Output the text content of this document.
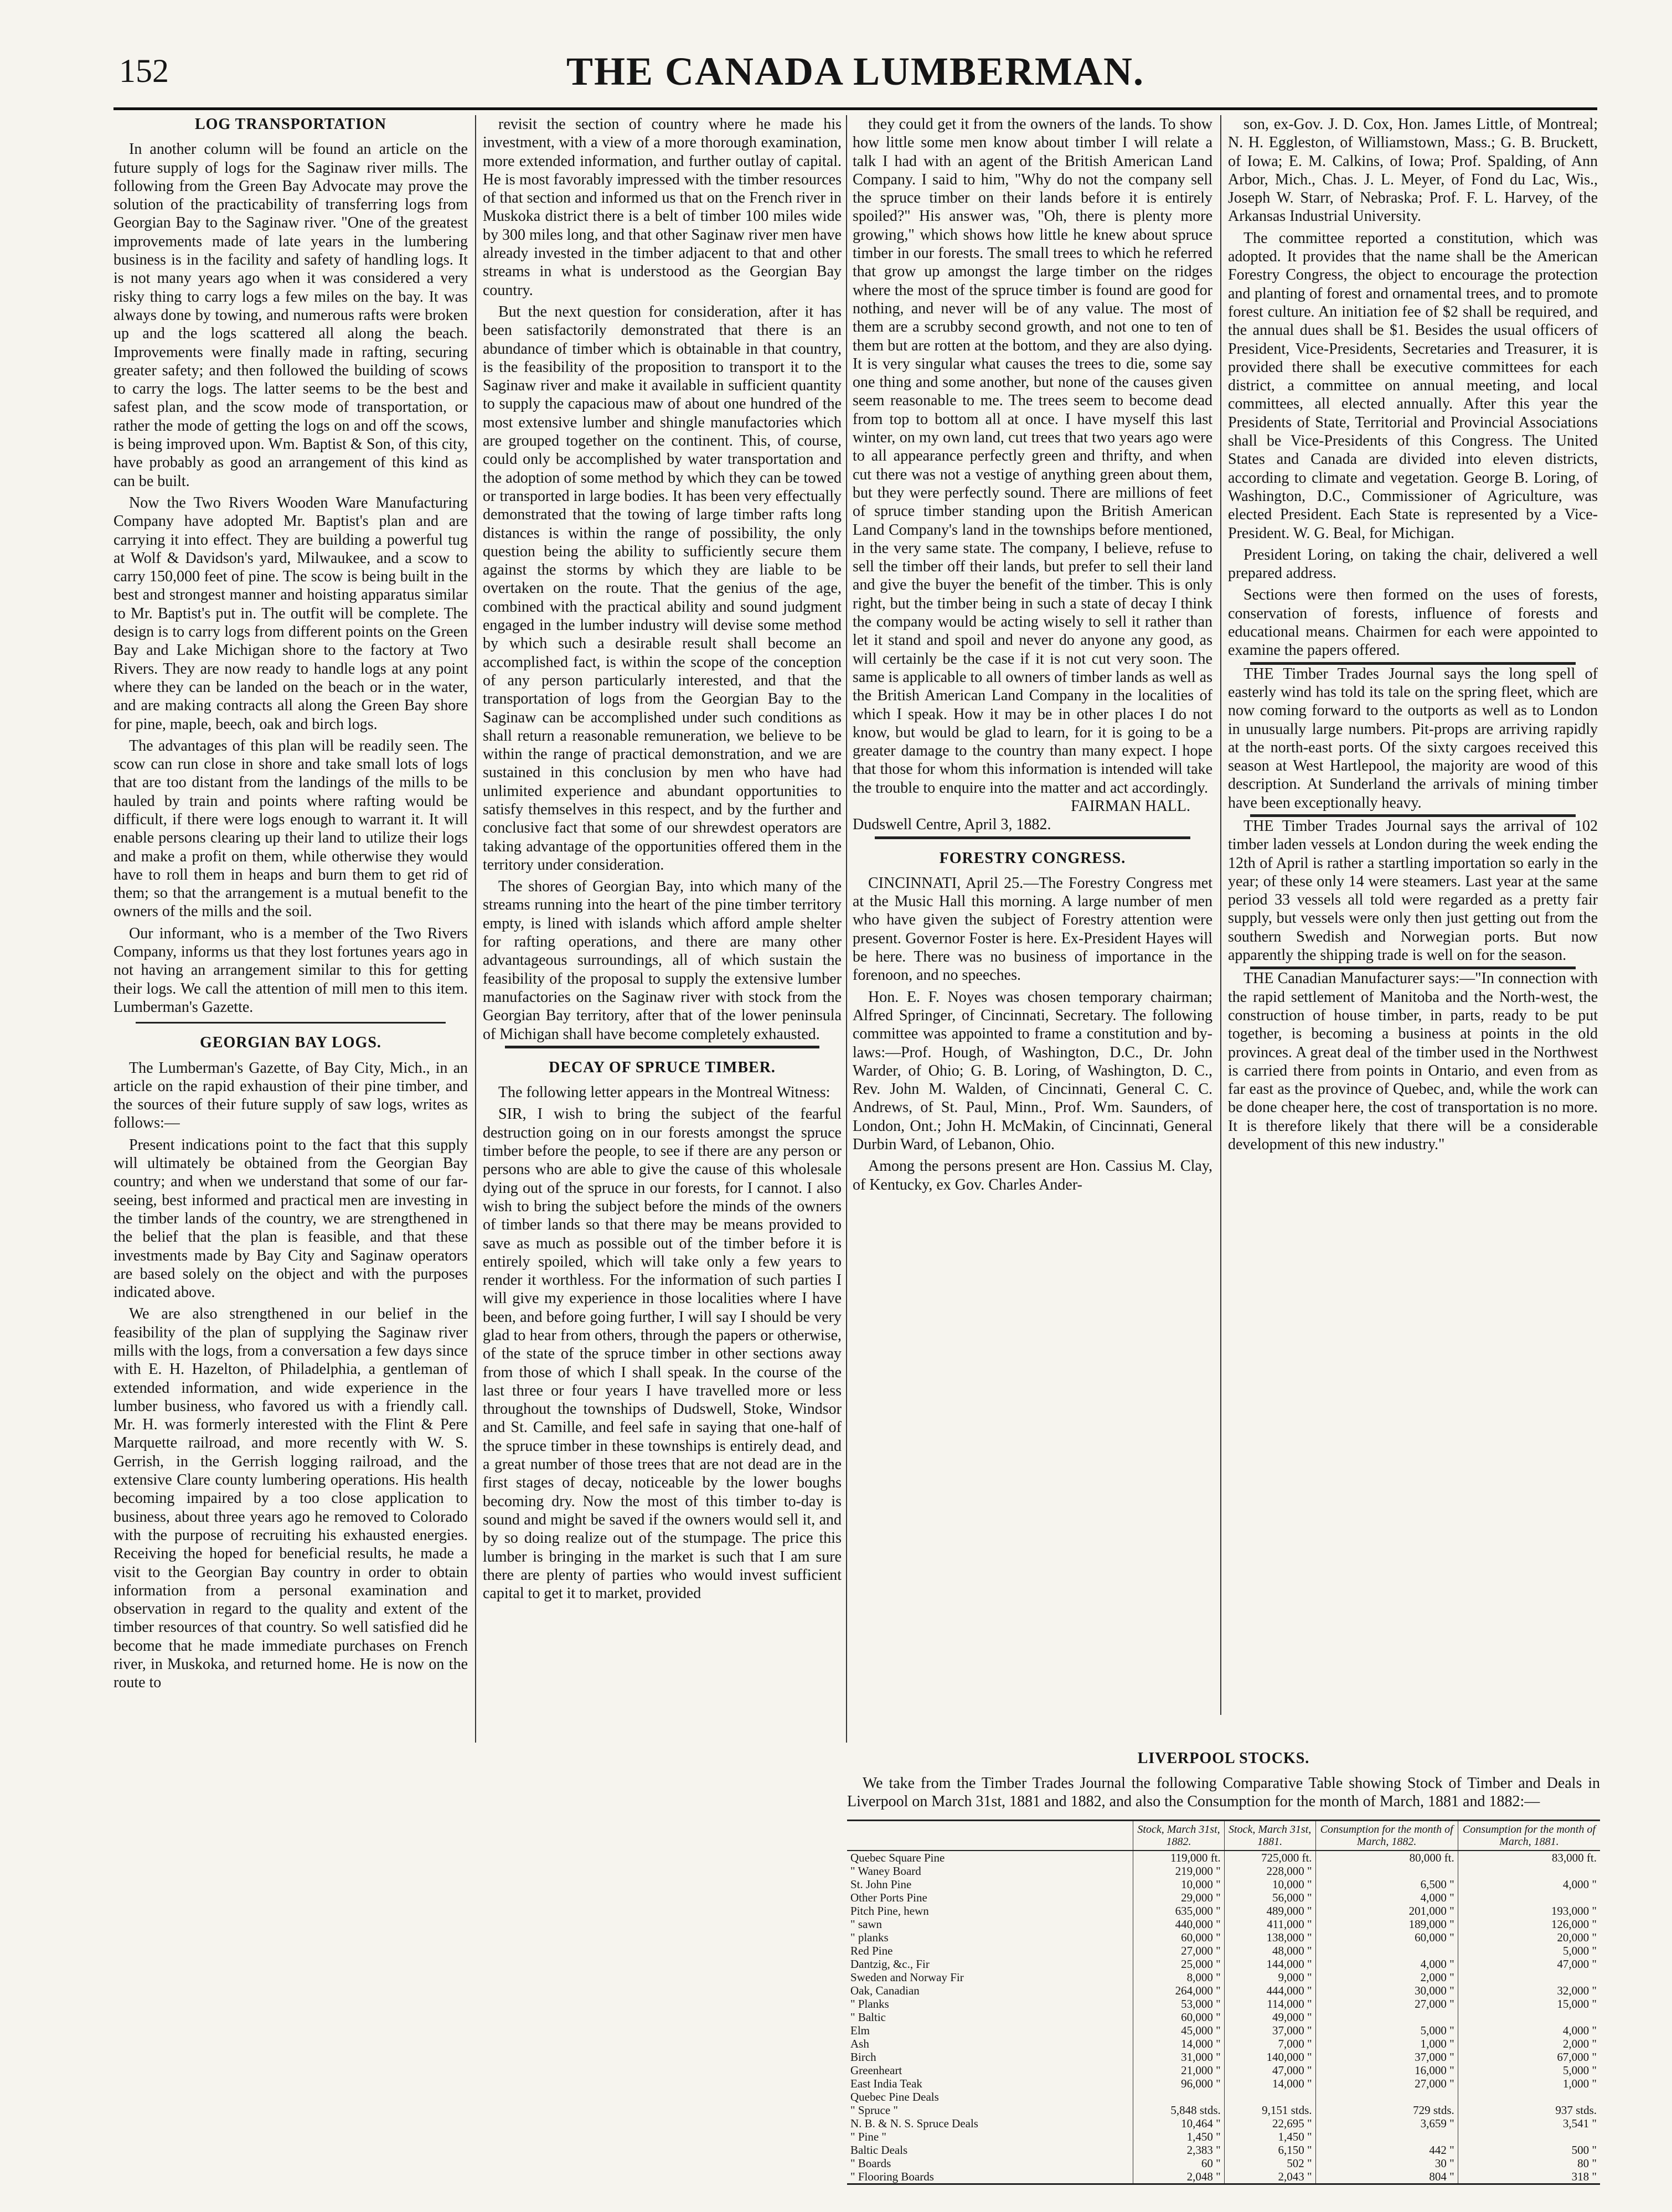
152	THE CANADA LUMBERMAN.
LOG TRANSPORTATION

In another column will be found an article on the future supply of logs for the Saginaw river mills. The following from the Green Bay Advocate may prove the solution of the practicability of transferring logs from Georgian Bay to the Saginaw river. "One of the greatest improvements made of late years in the lumbering business is in the facility and safety of handling logs. It is not many years ago when it was considered a very risky thing to carry logs a few miles on the bay. It was always done by towing, and numerous rafts were broken up and the logs scattered all along the beach. Improvements were finally made in rafting, securing greater safety; and then followed the building of scows to carry the logs. The latter seems to be the best and safest plan, and the scow mode of transportation, or rather the mode of getting the logs on and off the scows, is being improved upon. Wm. Baptist & Son, of this city, have probably as good an arrangement of this kind as can be built.

Now the Two Rivers Wooden Ware Manufacturing Company have adopted Mr. Baptist's plan and are carrying it into effect. They are building a powerful tug at Wolf & Davidson's yard, Milwaukee, and a scow to carry 150,000 feet of pine. The scow is being built in the best and strongest manner and hoisting apparatus similar to Mr. Baptist's put in. The outfit will be complete. The design is to carry logs from different points on the Green Bay and Lake Michigan shore to the factory at Two Rivers. They are now ready to handle logs at any point where they can be landed on the beach or in the water, and are making contracts all along the Green Bay shore for pine, maple, beech, oak and birch logs.

The advantages of this plan will be readily seen. The scow can run close in shore and take small lots of logs that are too distant from the landings of the mills to be hauled by train and points where rafting would be difficult, if there were logs enough to warrant it. It will enable persons clearing up their land to utilize their logs and make a profit on them, while otherwise they would have to roll them in heaps and burn them to get rid of them; so that the arrangement is a mutual benefit to the owners of the mills and the soil.

Our informant, who is a member of the Two Rivers Company, informs us that they lost fortunes years ago in not having an arrangement similar to this for getting their logs. We call the attention of mill men to this item. Lumberman's Gazette.

GEORGIAN BAY LOGS.

The Lumberman's Gazette, of Bay City, Mich., in an article on the rapid exhaustion of their pine timber, and the sources of their future supply of saw logs, writes as follows:—

Present indications point to the fact that this supply will ultimately be obtained from the Georgian Bay country; and when we understand that some of our far-seeing, best informed and practical men are investing in the timber lands of the country, we are strengthened in the belief that the plan is feasible, and that these investments made by Bay City and Saginaw operators are based solely on the object and with the purposes indicated above.

We are also strengthened in our belief in the feasibility of the plan of supplying the Saginaw river mills with the logs, from a conversation a few days since with E. H. Hazelton, of Philadelphia, a gentleman of extended information, and wide experience in the lumber business, who favored us with a friendly call. Mr. H. was formerly interested with the Flint & Pere Marquette railroad, and more recently with W. S. Gerrish, in the Gerrish logging railroad, and the extensive Clare county lumbering operations. His health becoming impaired by a too close application to business, about three years ago he removed to Colorado with the purpose of recruiting his exhausted energies. Receiving the hoped for beneficial results, he made a visit to the Georgian Bay country in order to obtain information from a personal examination and observation in regard to the quality and extent of the timber resources of that country. So well satisfied did he become that he made immediate purchases on French river, in Muskoka, and returned home. He is now on the route to

revisit the section of country where he made his investment, with a view of a more thorough examination, more extended information, and further outlay of capital. He is most favorably impressed with the timber resources of that section and informed us that on the French river in Muskoka district there is a belt of timber 100 miles wide by 300 miles long, and that other Saginaw river men have already invested in the timber adjacent to that and other streams in what is understood as the Georgian Bay country.

But the next question for consideration, after it has been satisfactorily demonstrated that there is an abundance of timber which is obtainable in that country, is the feasibility of the proposition to transport it to the Saginaw river and make it available in sufficient quantity to supply the capacious maw of about one hundred of the most extensive lumber and shingle manufactories which are grouped together on the continent. This, of course, could only be accomplished by water transportation and the adoption of some method by which they can be towed or transported in large bodies. It has been very effectually demonstrated that the towing of large timber rafts long distances is within the range of possibility, the only question being the ability to sufficiently secure them against the storms by which they are liable to be overtaken on the route. That the genius of the age, combined with the practical ability and sound judgment engaged in the lumber industry will devise some method by which such a desirable result shall become an accomplished fact, is within the scope of the conception of any person particularly interested, and that the transportation of logs from the Georgian Bay to the Saginaw can be accomplished under such conditions as shall return a reasonable remuneration, we believe to be within the range of practical demonstration, and we are sustained in this conclusion by men who have had unlimited experience and abundant opportunities to satisfy themselves in this respect, and by the further and conclusive fact that some of our shrewdest operators are taking advantage of the opportunities offered them in the territory under consideration.

The shores of Georgian Bay, into which many of the streams running into the heart of the pine timber territory empty, is lined with islands which afford ample shelter for rafting operations, and there are many other advantageous surroundings, all of which sustain the feasibility of the proposal to supply the extensive lumber manufactories on the Saginaw river with stock from the Georgian Bay territory, after that of the lower peninsula of Michigan shall have become completely exhausted.

DECAY OF SPRUCE TIMBER.

The following letter appears in the Montreal Witness:

SIR, I wish to bring the subject of the fearful destruction going on in our forests amongst the spruce timber before the people, to see if there are any person or persons who are able to give the cause of this wholesale dying out of the spruce in our forests, for I cannot. I also wish to bring the subject before the minds of the owners of timber lands so that there may be means provided to save as much as possible out of the timber before it is entirely spoiled, which will take only a few years to render it worthless. For the information of such parties I will give my experience in those localities where I have been, and before going further, I will say I should be very glad to hear from others, through the papers or otherwise, of the state of the spruce timber in other sections away from those of which I shall speak. In the course of the last three or four years I have travelled more or less throughout the townships of Dudswell, Stoke, Windsor and St. Camille, and feel safe in saying that one-half of the spruce timber in these townships is entirely dead, and a great number of those trees that are not dead are in the first stages of decay, noticeable by the lower boughs becoming dry. Now the most of this timber to-day is sound and might be saved if the owners would sell it, and by so doing realize out of the stumpage. The price this lumber is bringing in the market is such that I am sure there are plenty of parties who would invest sufficient capital to get it to market, provided

they could get it from the owners of the lands. To show how little some men know about timber I will relate a talk I had with an agent of the British American Land Company. I said to him, "Why do not the company sell the spruce timber on their lands before it is entirely spoiled?" His answer was, "Oh, there is plenty more growing," which shows how little he knew about spruce timber in our forests. The small trees to which he referred that grow up amongst the large timber on the ridges where the most of the spruce timber is found are good for nothing, and never will be of any value. The most of them are a scrubby second growth, and not one to ten of them but are rotten at the bottom, and they are also dying. It is very singular what causes the trees to die, some say one thing and some another, but none of the causes given seem reasonable to me. The trees seem to become dead from top to bottom all at once. I have myself this last winter, on my own land, cut trees that two years ago were to all appearance perfectly green and thrifty, and when cut there was not a vestige of anything green about them, but they were perfectly sound. There are millions of feet of spruce timber standing upon the British American Land Company's land in the townships before mentioned, in the very same state. The company, I believe, refuse to sell the timber off their lands, but prefer to sell their land and give the buyer the benefit of the timber. This is only right, but the timber being in such a state of decay I think the company would be acting wisely to sell it rather than let it stand and spoil and never do anyone any good, as will certainly be the case if it is not cut very soon. The same is applicable to all owners of timber lands as well as the British American Land Company in the localities of which I speak. How it may be in other places I do not know, but would be glad to learn, for it is going to be a greater damage to the country than many expect. I hope that those for whom this information is intended will take the trouble to enquire into the matter and act accordingly.

FAIRMAN HALL.
Dudswell Centre, April 3, 1882.
FORESTRY CONGRESS.

CINCINNATI, April 25.—The Forestry Congress met at the Music Hall this morning. A large number of men who have given the subject of Forestry attention were present. Governor Foster is here. Ex-President Hayes will be here. There was no business of importance in the forenoon, and no speeches.

Hon. E. F. Noyes was chosen temporary chairman; Alfred Springer, of Cincinnati, Secretary. The following committee was appointed to frame a constitution and by-laws:—Prof. Hough, of Washington, D.C., Dr. John Warder, of Ohio; G. B. Loring, of Washington, D. C., Rev. John M. Walden, of Cincinnati, General C. C. Andrews, of St. Paul, Minn., Prof. Wm. Saunders, of London, Ont.; John H. McMakin, of Cincinnati, General Durbin Ward, of Lebanon, Ohio.

Among the persons present are Hon. Cassius M. Clay, of Kentucky, ex Gov. Charles Ander-

son, ex-Gov. J. D. Cox, Hon. James Little, of Montreal; N. H. Eggleston, of Williamstown, Mass.; G. B. Bruckett, of Iowa; E. M. Calkins, of Iowa; Prof. Spalding, of Ann Arbor, Mich., Chas. J. L. Meyer, of Fond du Lac, Wis., Joseph W. Starr, of Nebraska; Prof. F. L. Harvey, of the Arkansas Industrial University.

The committee reported a constitution, which was adopted. It provides that the name shall be the American Forestry Congress, the object to encourage the protection and planting of forest and ornamental trees, and to promote forest culture. An initiation fee of $2 shall be required, and the annual dues shall be $1. Besides the usual officers of President, Vice-Presidents, Secretaries and Treasurer, it is provided there shall be executive committees for each district, a committee on annual meeting, and local committees, all elected annually. After this year the Presidents of State, Territorial and Provincial Associations shall be Vice-Presidents of this Congress. The United States and Canada are divided into eleven districts, according to climate and vegetation. George B. Loring, of Washington, D.C., Commissioner of Agriculture, was elected President. Each State is represented by a Vice-President. W. G. Beal, for Michigan.

President Loring, on taking the chair, delivered a well prepared address.

Sections were then formed on the uses of forests, conservation of forests, influence of forests and educational means. Chairmen for each were appointed to examine the papers offered.

THE Timber Trades Journal says the long spell of easterly wind has told its tale on the spring fleet, which are now coming forward to the outports as well as to London in unusually large numbers. Pit-props are arriving rapidly at the north-east ports. Of the sixty cargoes received this season at West Hartlepool, the majority are wood of this description. At Sunderland the arrivals of mining timber have been exceptionally heavy.

THE Timber Trades Journal says the arrival of 102 timber laden vessels at London during the week ending the 12th of April is rather a startling importation so early in the year; of these only 14 were steamers. Last year at the same period 33 vessels all told were regarded as a pretty fair supply, but vessels were only then just getting out from the southern Swedish and Norwegian ports. But now apparently the shipping trade is well on for the season.

THE Canadian Manufacturer says:—"In connection with the rapid settlement of Manitoba and the North-west, the construction of house timber, in parts, ready to be put together, is becoming a business at points in the old provinces. A great deal of the timber used in the Northwest is carried there from points in Ontario, and even from as far east as the province of Quebec, and, while the work can be done cheaper here, the cost of transportation is no more. It is therefore likely that there will be a considerable development of this new industry."

LIVERPOOL STOCKS.

We take from the Timber Trades Journal the following Comparative Table showing Stock of Timber and Deals in Liverpool on March 31st, 1881 and 1882, and also the Consumption for the month of March, 1881 and 1882:—

	Stock, March 31st, 1882.	Stock, March 31st, 1881.	Consumption for the month of March, 1882.	Consumption for the month of March, 1881.
Quebec Square Pine	119,000 ft.	725,000 ft.	80,000 ft.	83,000 ft.
" Waney Board	219,000 "	228,000 "		
St. John Pine	10,000 "	10,000 "	6,500 "	4,000 "
Other Ports Pine	29,000 "	56,000 "	4,000 "	
Pitch Pine, hewn	635,000 "	489,000 "	201,000 "	193,000 "
" sawn	440,000 "	411,000 "	189,000 "	126,000 "
" planks	60,000 "	138,000 "	60,000 "	20,000 "
Red Pine	27,000 "	48,000 "		5,000 "
Dantzig, &c., Fir	25,000 "	144,000 "	4,000 "	47,000 "
Sweden and Norway Fir	8,000 "	9,000 "	2,000 "	
Oak, Canadian	264,000 "	444,000 "	30,000 "	32,000 "
" Planks	53,000 "	114,000 "	27,000 "	15,000 "
" Baltic	60,000 "	49,000 "		
Elm	45,000 "	37,000 "	5,000 "	4,000 "
Ash	14,000 "	7,000 "	1,000 "	2,000 "
Birch	31,000 "	140,000 "	37,000 "	67,000 "
Greenheart	21,000 "	47,000 "	16,000 "	5,000 "
East India Teak	96,000 "	14,000 "	27,000 "	1,000 "
Quebec Pine Deals				
" Spruce "	5,848 stds.	9,151 stds.	729 stds.	937 stds.
N. B. & N. S. Spruce Deals	10,464 "	22,695 "	3,659 "	3,541 "
" Pine "	1,450 "	1,450 "		
Baltic Deals	2,383 "	6,150 "	442 "	500 "
" Boards	60 "	502 "	30 "	80 "
" Flooring Boards	2,048 "	2,043 "	804 "	318 "
